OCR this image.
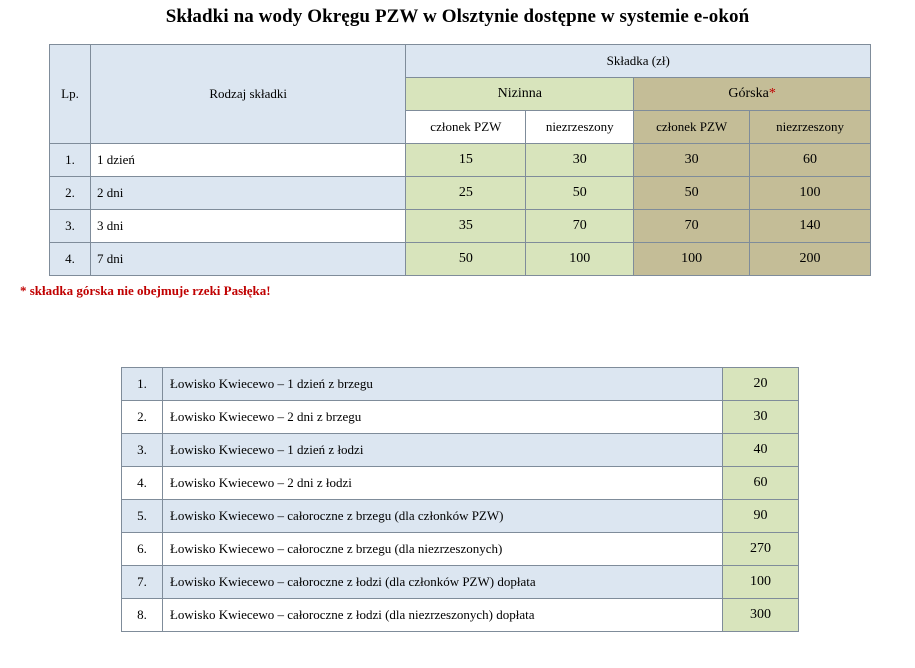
Składki na wody Okręgu PZW w Olsztynie dostępne w systemie e-okoń
Lp.	Rodzaj składki	Składka (zł)			
		Nizinna		Górska*	
		członek PZW	niezrzeszony	członek PZW	niezrzeszony
1.	1 dzień	15	30	30	60
2.	2 dni	25	50	50	100
3.	3 dni	35	70	70	140
4.	7 dni	50	100	100	200
* składka górska nie obejmuje rzeki Pasłęka!
1.	Łowisko Kwiecewo – 1 dzień z brzegu	20
2.	Łowisko Kwiecewo – 2 dni z brzegu	30
3.	Łowisko Kwiecewo – 1 dzień z łodzi	40
4.	Łowisko Kwiecewo – 2 dni z łodzi	60
5.	Łowisko Kwiecewo – całoroczne z brzegu (dla członków PZW)	90
6.	Łowisko Kwiecewo – całoroczne z brzegu (dla niezrzeszonych)	270
7.	Łowisko Kwiecewo – całoroczne z łodzi (dla członków PZW) dopłata	100
8.	Łowisko Kwiecewo – całoroczne z łodzi (dla niezrzeszonych) dopłata	300
